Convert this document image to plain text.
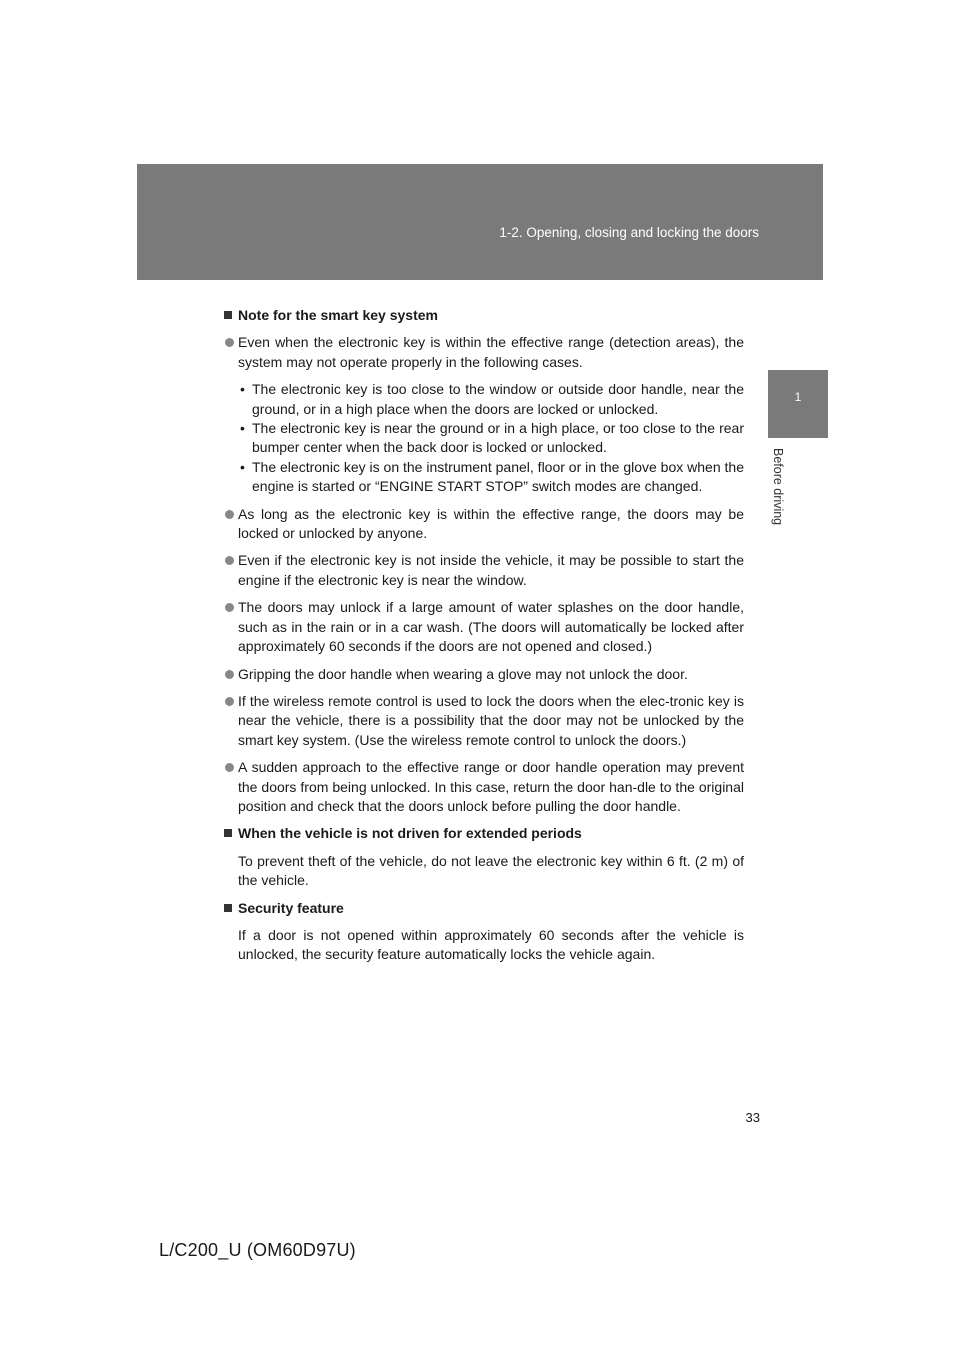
1-2. Opening, closing and locking the doors
1
Before driving
Note for the smart key system
Even when the electronic key is within the effective range (detection areas), the system may not operate properly in the following cases.
• The electronic key is too close to the window or outside door handle, near the ground, or in a high place when the doors are locked or unlocked.
• The electronic key is near the ground or in a high place, or too close to the rear bumper center when the back door is locked or unlocked.
• The electronic key is on the instrument panel, floor or in the glove box when the engine is started or “ENGINE START STOP” switch modes are changed.
As long as the electronic key is within the effective range, the doors may be locked or unlocked by anyone.
Even if the electronic key is not inside the vehicle, it may be possible to start the engine if the electronic key is near the window.
The doors may unlock if a large amount of water splashes on the door handle, such as in the rain or in a car wash. (The doors will automatically be locked after approximately 60 seconds if the doors are not opened and closed.)
Gripping the door handle when wearing a glove may not unlock the door.
If the wireless remote control is used to lock the doors when the elec-tronic key is near the vehicle, there is a possibility that the door may not be unlocked by the smart key system. (Use the wireless remote control to unlock the doors.)
A sudden approach to the effective range or door handle operation may prevent the doors from being unlocked. In this case, return the door han-dle to the original position and check that the doors unlock before pulling the door handle.
When the vehicle is not driven for extended periods
To prevent theft of the vehicle, do not leave the electronic key within 6 ft. (2 m) of the vehicle.
Security feature
If a door is not opened within approximately 60 seconds after the vehicle is unlocked, the security feature automatically locks the vehicle again.
33
L/C200_U (OM60D97U)
